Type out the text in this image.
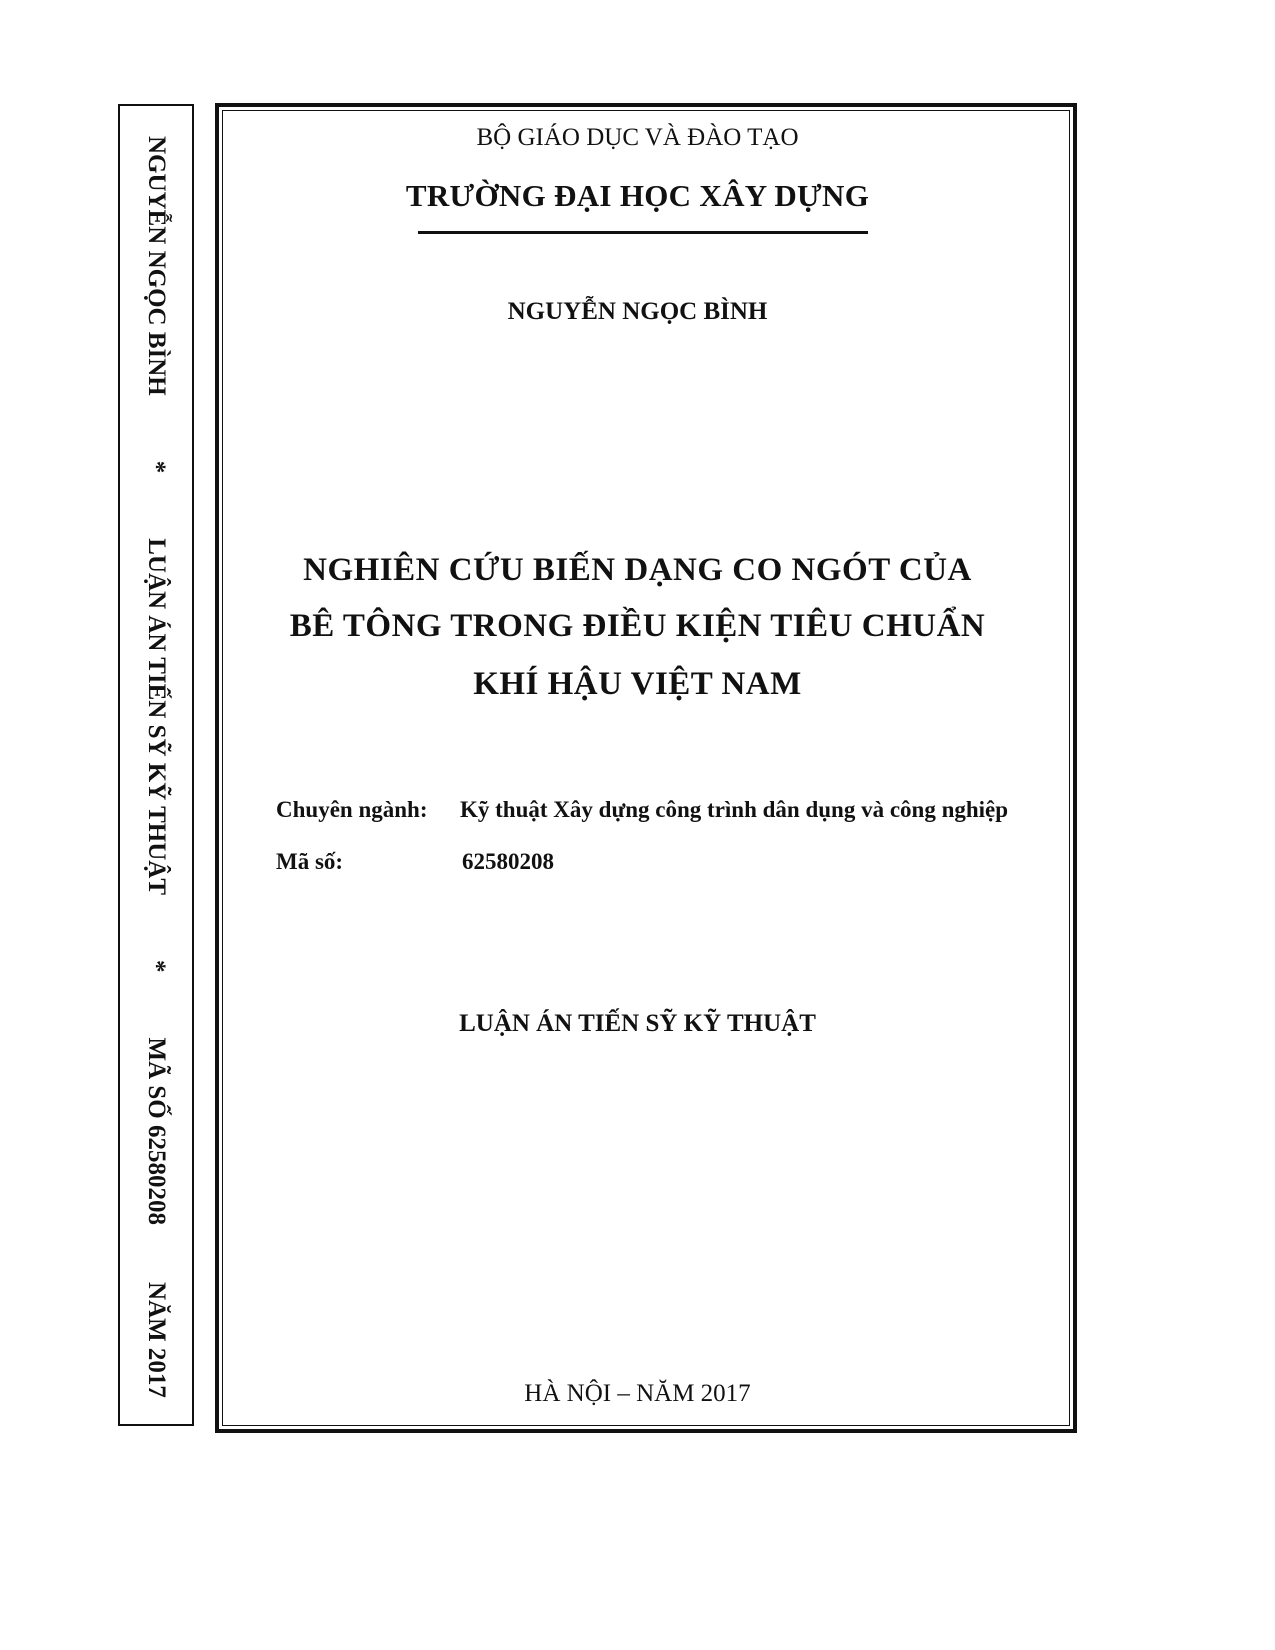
NGUYỄN NGỌC BÌNH
*
LUẬN ÁN TIẾN SỸ KỸ THUẬT
*
MÃ SỐ 62580208
NĂM 2017
BỘ GIÁO DỤC VÀ ĐÀO TẠO
TRƯỜNG ĐẠI HỌC XÂY DỰNG
NGUYỄN NGỌC BÌNH
NGHIÊN CỨU BIẾN DẠNG CO NGÓT CỦA
BÊ TÔNG TRONG ĐIỀU KIỆN TIÊU CHUẨN
KHÍ HẬU VIỆT NAM
Chuyên ngành: Kỹ thuật Xây dựng công trình dân dụng và công nghiệp
Mã số:	62580208
LUẬN ÁN TIẾN SỸ KỸ THUẬT
HÀ NỘI – NĂM 2017
